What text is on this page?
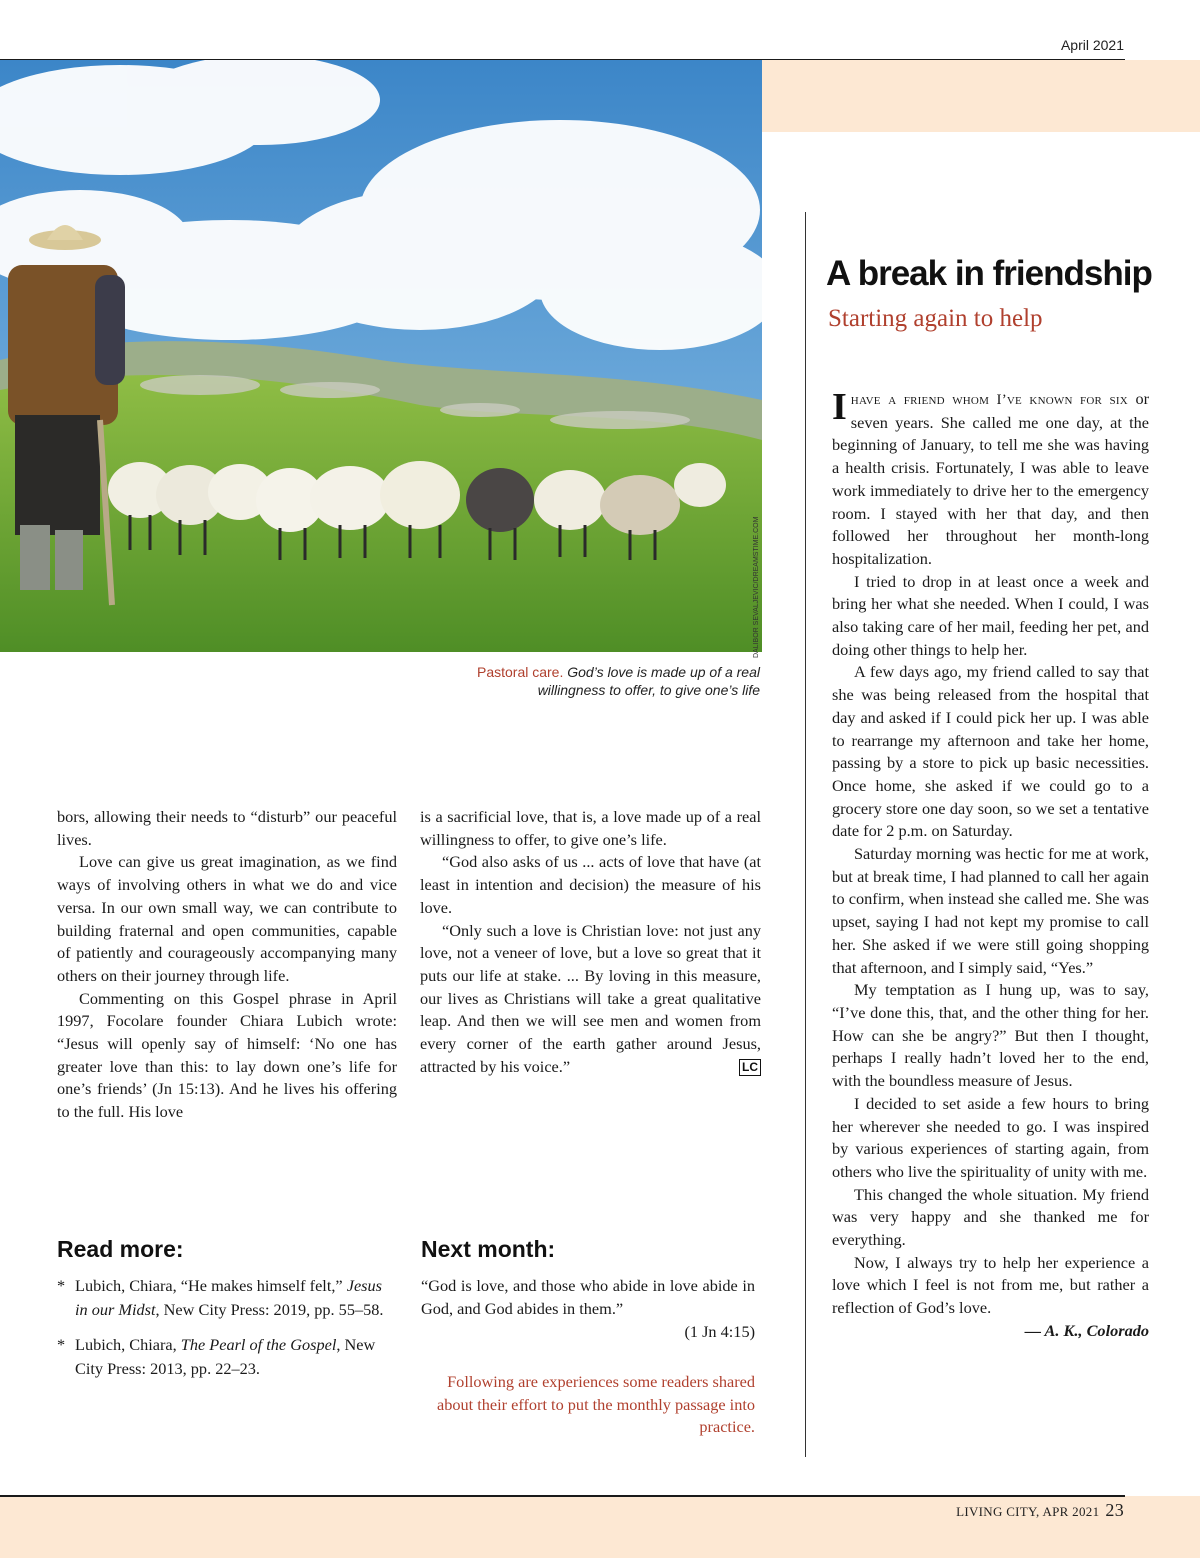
April 2021
DALIBOR SEVALJEVIC/DREAMSTIME.COM
Pastoral care. God’s love is made up of a real willingness to offer, to give one’s life

bors, allowing their needs to “disturb” our peaceful lives.

Love can give us great imagination, as we find ways of involving others in what we do and vice versa. In our own small way, we can contribute to building fraternal and open communities, capable of patiently and courageously accompanying many others on their journey through life.

Commenting on this Gospel phrase in April 1997, Focolare founder Chiara Lubich wrote: “Jesus will openly say of himself: ‘No one has greater love than this: to lay down one’s life for one’s friends’ (Jn 15:13). And he lives his offering to the full. His love

is a sacrificial love, that is, a love made up of a real willingness to offer, to give one’s life.

“God also asks of us ... acts of love that have (at least in intention and decision) the measure of his love.

“Only such a love is Christian love: not just any love, not a veneer of love, but a love so great that it puts our life at stake. ... By loving in this measure, our lives as Christians will take a great qualitative leap. And then we will see men and women from every corner of the earth gather around Jesus, attracted by his voice.”	LC

Read more:
* Lubich, Chiara, “He makes himself felt,” Jesus in our Midst, New City Press: 2019, pp. 55–58.
* Lubich, Chiara, The Pearl of the Gospel, New City Press: 2013, pp. 22–23.
Next month:
“God is love, and those who abide in love abide in God, and God abides in them.”
(1 Jn 4:15)
Following are experiences some readers shared about their effort to put the monthly passage into practice.
A break in friendship
Starting again to help

Ihave a friend whom I’ve known for six or seven years. She called me one day, at the beginning of January, to tell me she was having a health crisis. Fortunately, I was able to leave work immediately to drive her to the emergency room. I stayed with her that day, and then followed her throughout her month-long hospitalization.

I tried to drop in at least once a week and bring her what she needed. When I could, I was also taking care of her mail, feeding her pet, and doing other things to help her.

A few days ago, my friend called to say that she was being released from the hospital that day and asked if I could pick her up. I was able to rearrange my afternoon and take her home, passing by a store to pick up basic necessities. Once home, she asked if we could go to a grocery store one day soon, so we set a tentative date for 2 p.m. on Saturday.

Saturday morning was hectic for me at work, but at break time, I had planned to call her again to confirm, when instead she called me. She was upset, saying I had not kept my promise to call her. She asked if we were still going shopping that afternoon, and I simply said, “Yes.”

My temptation as I hung up, was to say, “I’ve done this, that, and the other thing for her. How can she be angry?” But then I thought, perhaps I really hadn’t loved her to the end, with the boundless measure of Jesus.

I decided to set aside a few hours to bring her wherever she needed to go. I was inspired by various experiences of starting again, from others who live the spirituality of unity with me.

This changed the whole situation. My friend was very happy and she thanked me for everything.

Now, I always try to help her experience a love which I feel is not from me, but rather a reflection of God’s love.

— A. K., Colorado

LIVING CITY, APR 2021 23
